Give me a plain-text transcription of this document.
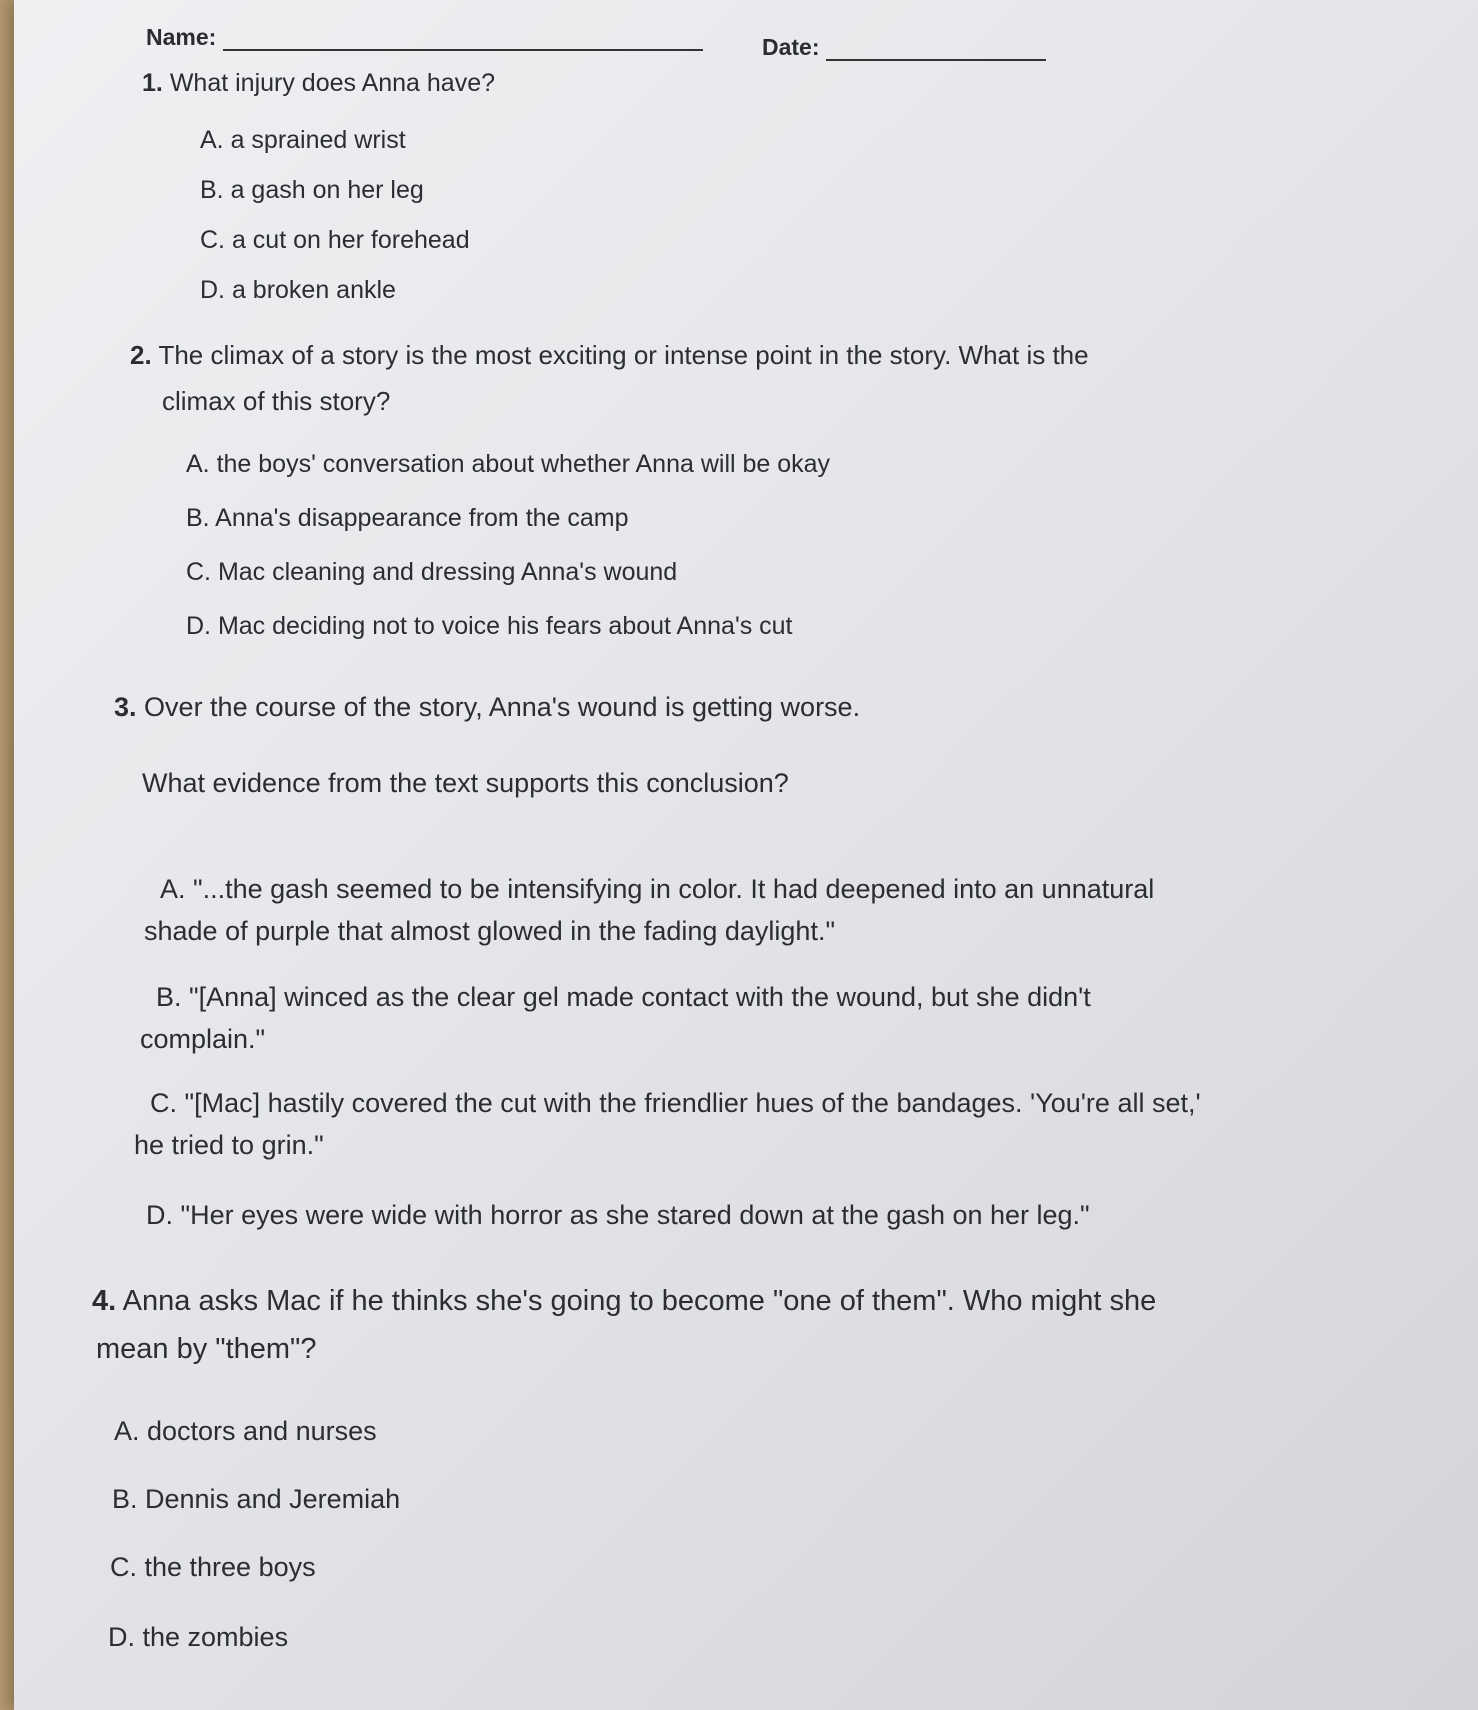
Name:	Date:
1. What injury does Anna have?
A. a sprained wrist
B. a gash on her leg
C. a cut on her forehead
D. a broken ankle
2. The climax of a story is the most exciting or intense point in the story. What is the
climax of this story?
A. the boys' conversation about whether Anna will be okay
B. Anna's disappearance from the camp
C. Mac cleaning and dressing Anna's wound
D. Mac deciding not to voice his fears about Anna's cut
3. Over the course of the story, Anna's wound is getting worse.
What evidence from the text supports this conclusion?
A. "...the gash seemed to be intensifying in color. It had deepened into an unnatural
shade of purple that almost glowed in the fading daylight."
B. "[Anna] winced as the clear gel made contact with the wound, but she didn't
complain."
C. "[Mac] hastily covered the cut with the friendlier hues of the bandages. 'You're all set,'
he tried to grin."
D. "Her eyes were wide with horror as she stared down at the gash on her leg."
4. Anna asks Mac if he thinks she's going to become "one of them". Who might she
mean by "them"?
A. doctors and nurses
B. Dennis and Jeremiah
C. the three boys
D. the zombies
